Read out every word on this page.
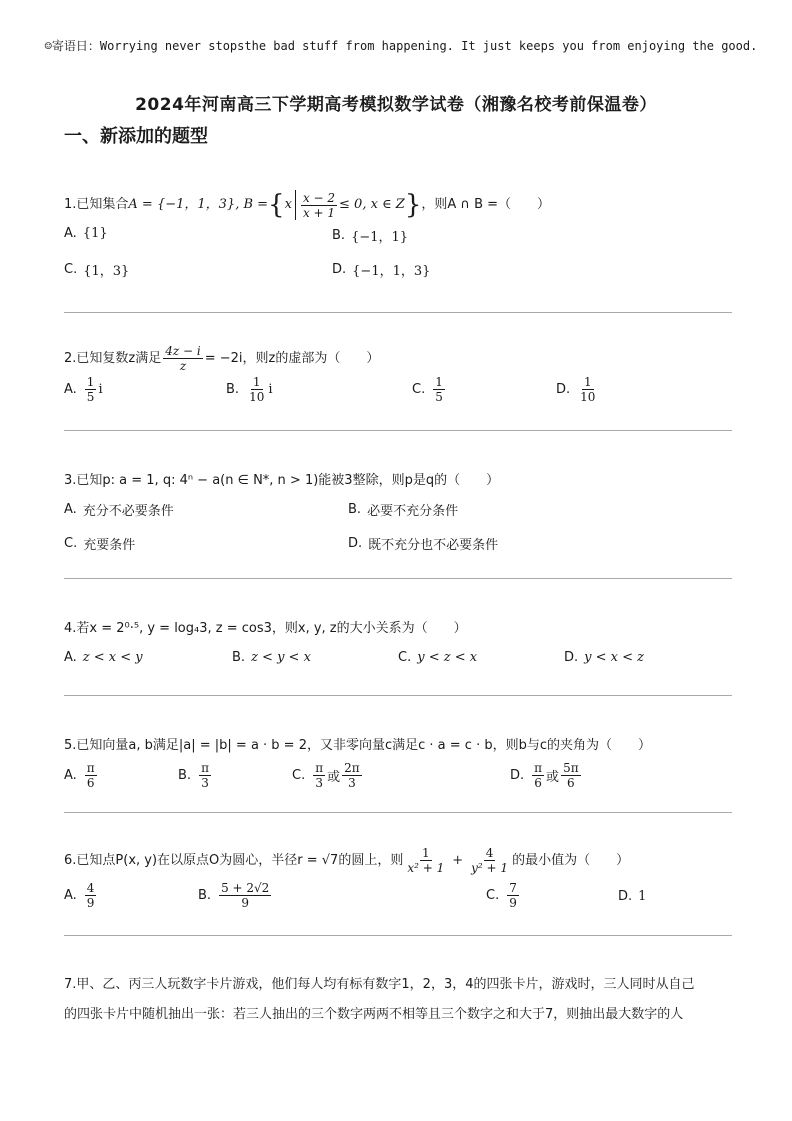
☺寄语日：Worrying never stopsthe bad stuff from happening. It just keeps you from enjoying the good.
2024年河南高三下学期高考模拟数学试卷（湘豫名校考前保温卷）
一、新添加的题型
1.已知集合 A = {−1，1，3}, B = { x $\frac{x - 2}{x + 1} \le 0$, x ∈ Z } ，则A ∩ B =（　　）
A. {1}	B. {−1，1}
C. {1，3}	D. {−1，1，3}
2.已知复数z满足 $\frac{4z - i}{z} = -2i$，则z的虚部为（　　）
A. $\frac{1}{5}$ i	B. $\frac{1}{10}$ i	C. $\frac{1}{5}$	D. $\frac{1}{10}$
3.已知p: a = 1, q: 4ⁿ − a(n ∈ N*, n > 1)能被3整除，则p是q的（　　）
A. 充分不必要条件	B. 必要不充分条件
C. 充要条件	D. 既不充分也不必要条件
4.若x = 2⁰·⁵, y = log₄3, z = cos3，则x, y, z的大小关系为（　　）
A. z < x < y	B. z < y < x	C. y < z < x	D. y < x < z
5.已知向量a, b满足|a| = |b| = a · b = 2，又非零向量c满足c · a = c · b，则b与c的夹角为（　　）
A. $\frac{\pi}{6}$	B. $\frac{\pi}{3}$	C. $\frac{\pi}{3}$ 或 $\frac{2\pi}{3}$	D. $\frac{\pi}{6}$ 或 $\frac{5\pi}{6}$
6.已知点P(x, y)在以原点O为圆心，半径r = √7的圆上，则 $\frac{1}{\text{x² + 1}} + \frac{4}{\text{y² + 1}}$ 的最小值为（　　）
A. $\frac{4}{9}$	B. $\frac{5 + 2√2}{9}$	C. $\frac{7}{9}$	D. 1
7.甲、乙、丙三人玩数字卡片游戏，他们每人均有标有数字1，2，3，4的四张卡片，游戏时，三人同时从自己
的四张卡片中随机抽出一张：若三人抽出的三个数字两两不相等且三个数字之和大于7，则抽出最大数字的人
